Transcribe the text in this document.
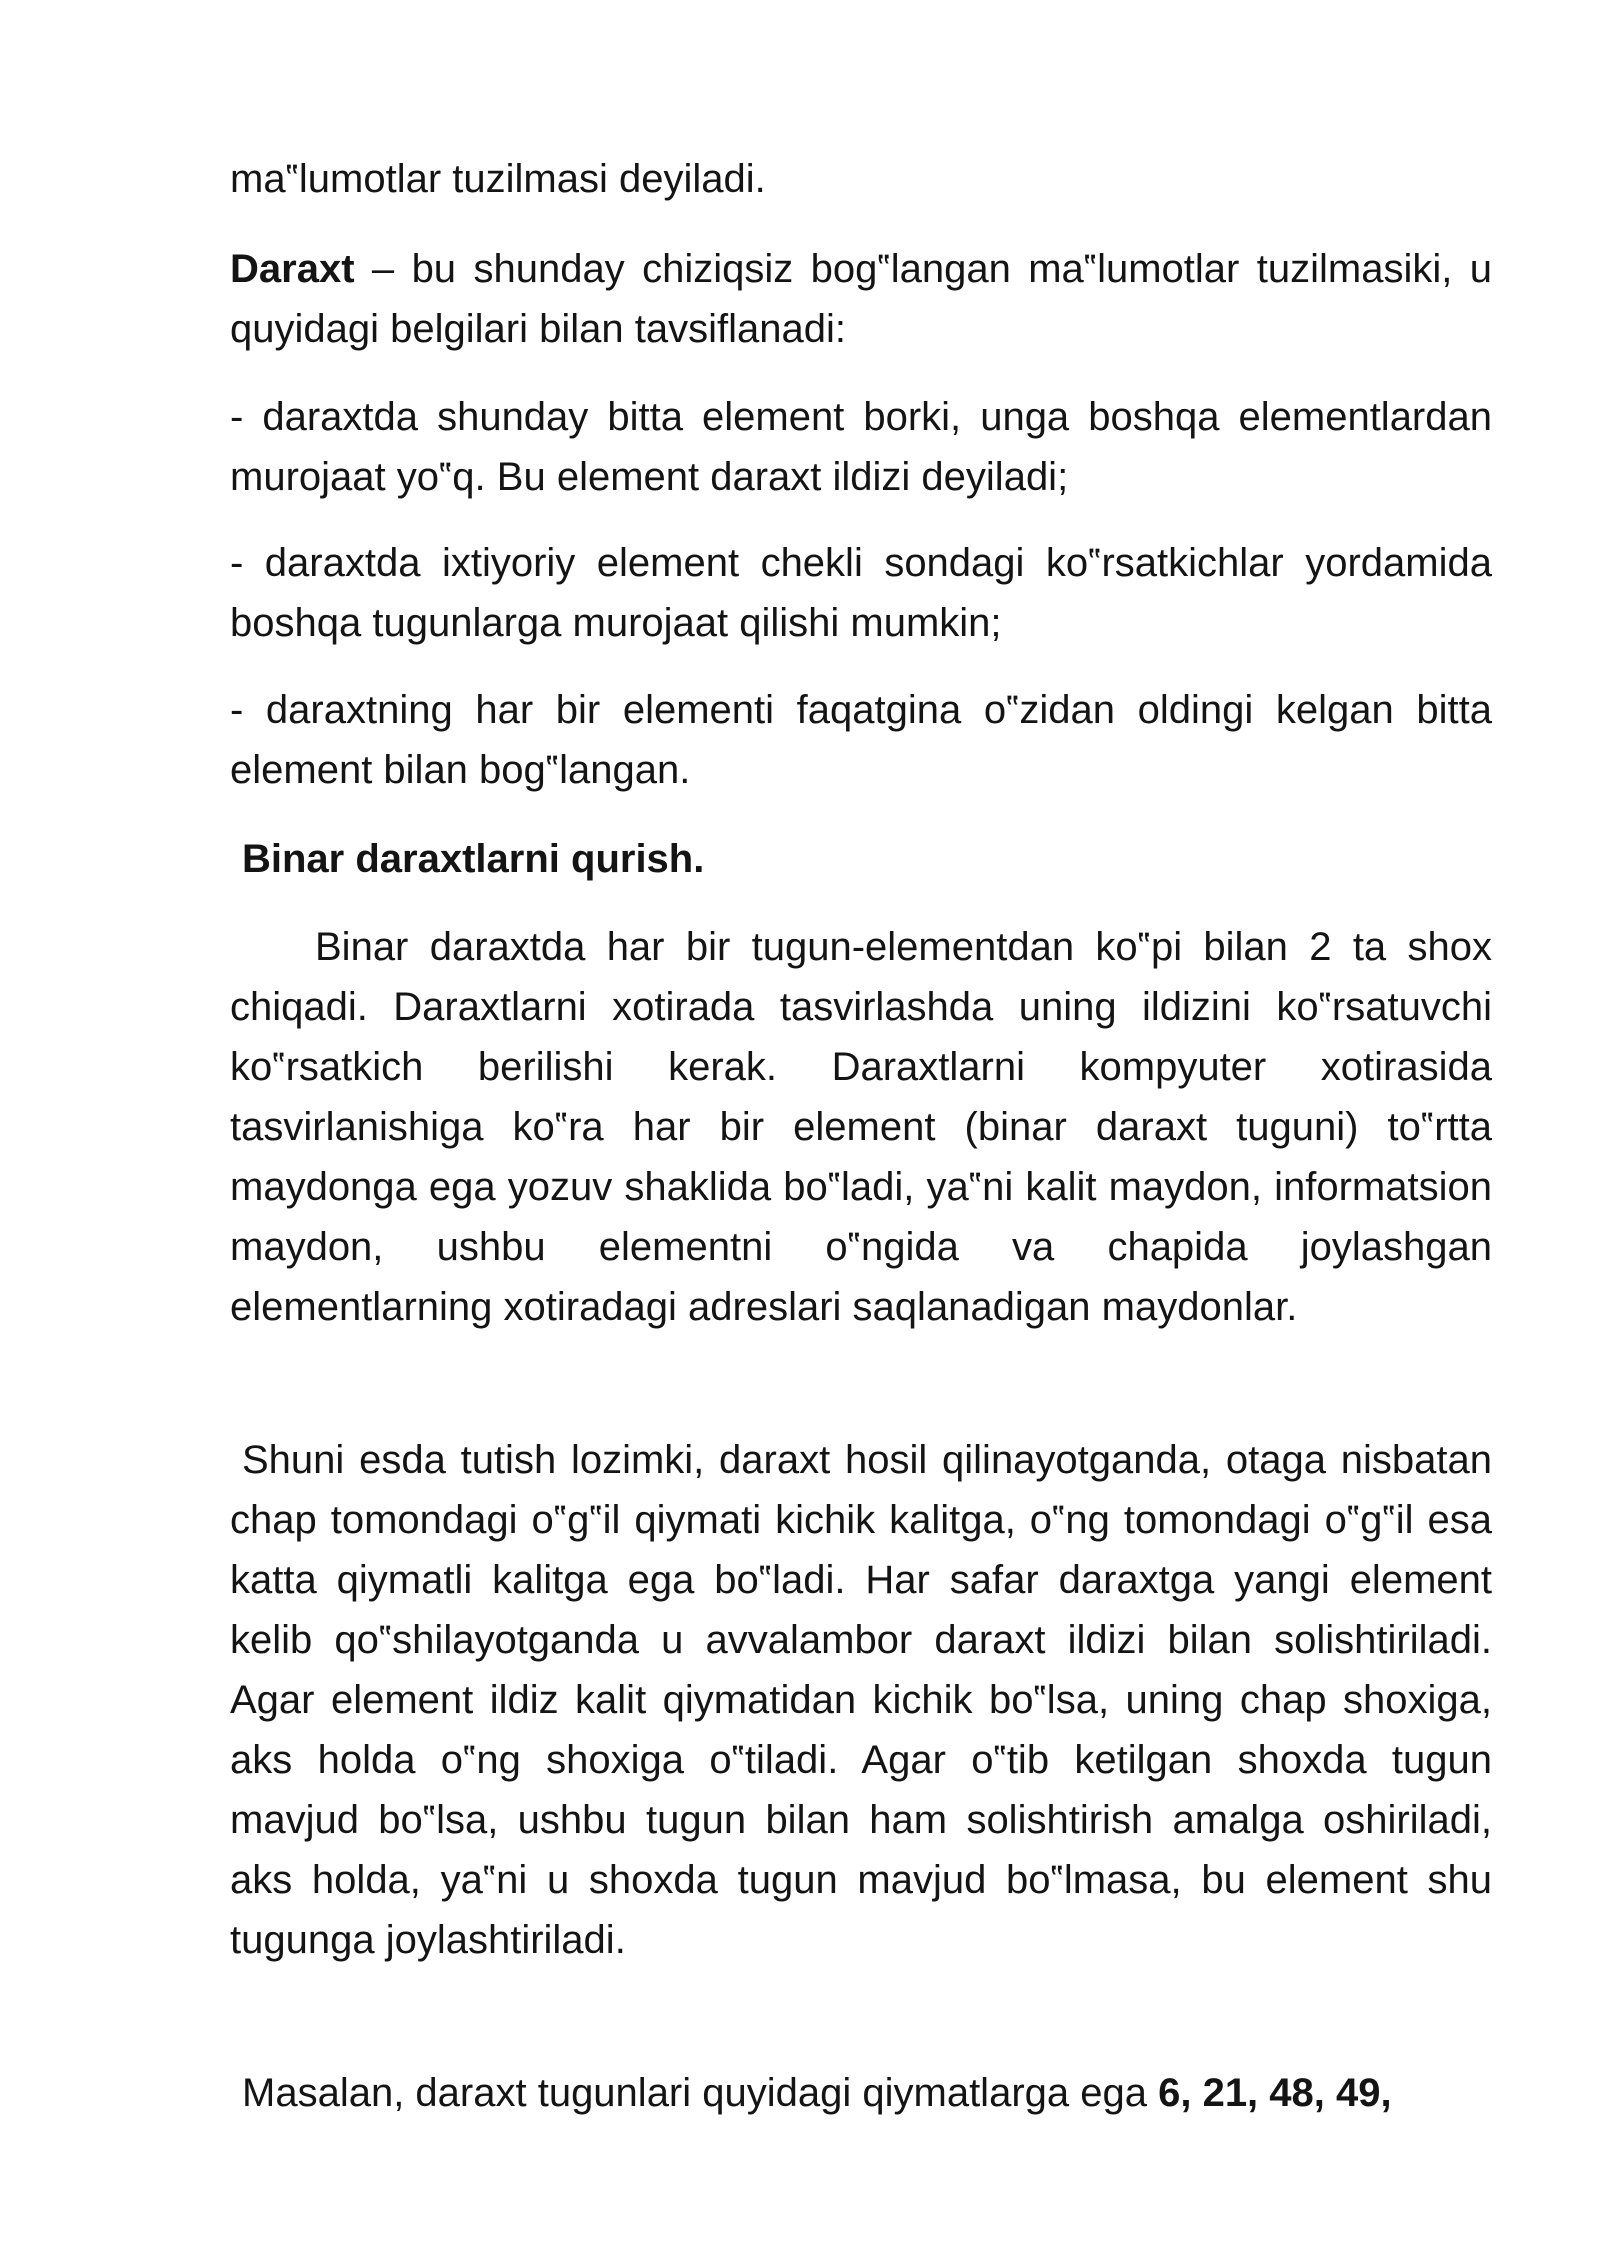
ma‟lumotlar tuzilmasi deyiladi.

Daraxt – bu shunday chiziqsiz bog‟langan ma‟lumotlar tuzilmasiki, u quyidagi belgilari bilan tavsiflanadi:

- daraxtda shunday bitta element borki, unga boshqa elementlardan murojaat yo‟q. Bu element daraxt ildizi deyiladi;

- daraxtda ixtiyoriy element chekli sondagi ko‟rsatkichlar yordamida boshqa tugunlarga murojaat qilishi mumkin;

- daraxtning har bir elementi faqatgina o‟zidan oldingi kelgan bitta element bilan bog‟langan.

Binar daraxtlarni qurish.

Binar daraxtda har bir tugun-elementdan ko‟pi bilan 2 ta shox chiqadi. Daraxtlarni xotirada tasvirlashda uning ildizini ko‟rsatuvchi ko‟rsatkich berilishi kerak. Daraxtlarni kompyuter xotirasida tasvirlanishiga ko‟ra har bir element (binar daraxt tuguni) to‟rtta maydonga ega yozuv shaklida bo‟ladi, ya‟ni kalit maydon, informatsion maydon, ushbu elementni o‟ngida va chapida joylashgan elementlarning xotiradagi adreslari saqlanadigan maydonlar.

Shuni esda tutish lozimki, daraxt hosil qilinayotganda, otaga nisbatan chap tomondagi o‟g‟il qiymati kichik kalitga, o‟ng tomondagi o‟g‟il esa katta qiymatli kalitga ega bo‟ladi. Har safar daraxtga yangi element kelib qo‟shilayotganda u avvalambor daraxt ildizi bilan solishtiriladi. Agar element ildiz kalit qiymatidan kichik bo‟lsa, uning chap shoxiga, aks holda o‟ng shoxiga o‟tiladi. Agar o‟tib ketilgan shoxda tugun mavjud bo‟lsa, ushbu tugun bilan ham solishtirish amalga oshiriladi, aks holda, ya‟ni u shoxda tugun mavjud bo‟lmasa, bu element shu tugunga joylashtiriladi.

Masalan, daraxt tugunlari quyidagi qiymatlarga ega 6, 21, 48, 49,
